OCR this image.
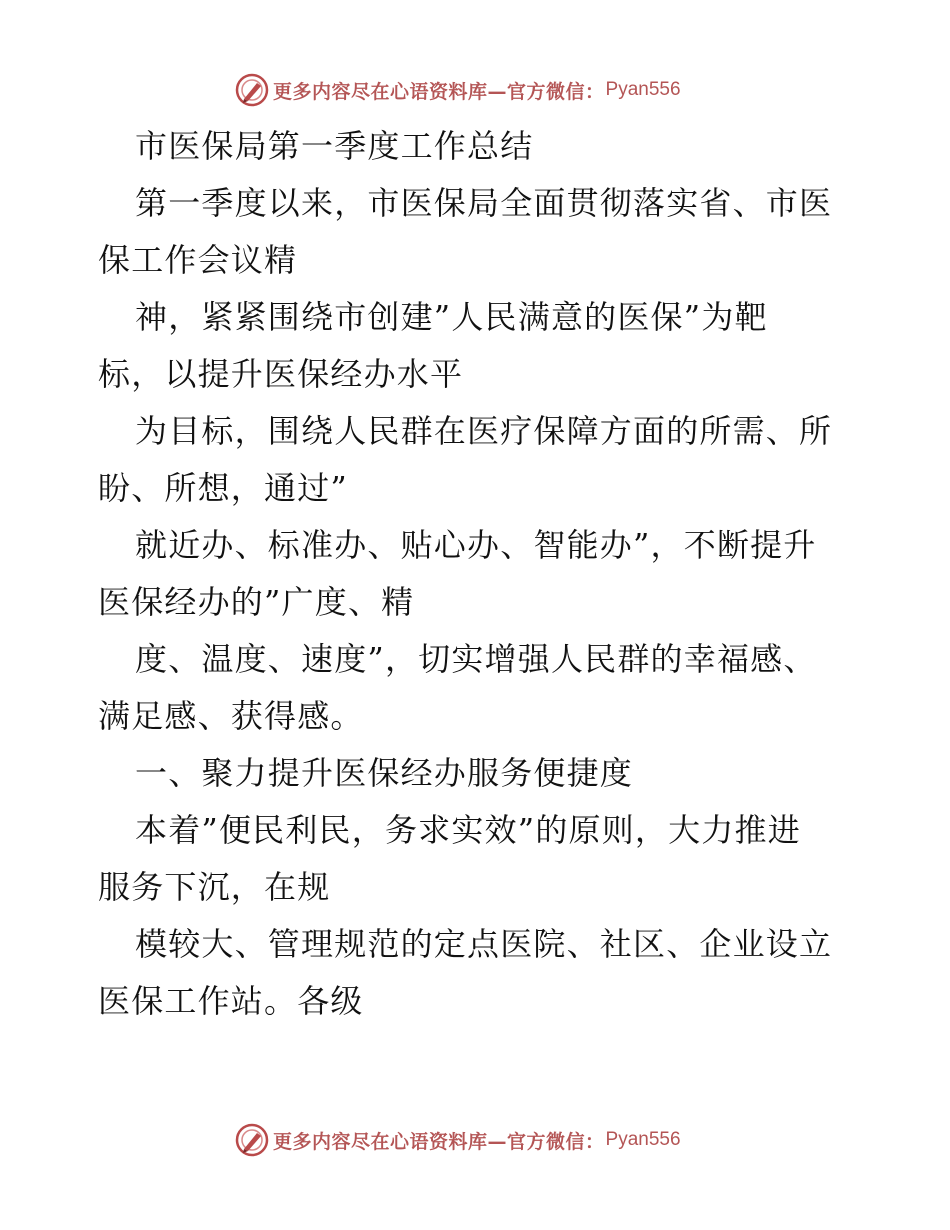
更多内容尽在心语资料库—官方微信： Pyan556
市医保局第一季度工作总结
第一季度以来，市医保局全面贯彻落实省、市医
保工作会议精
神，紧紧围绕市创建”人民满意的医保”为靶
标，以提升医保经办水平
为目标，围绕人民群在医疗保障方面的所需、所
盼、所想，通过”
就近办、标准办、贴心办、智能办”，不断提升
医保经办的”广度、精
度、温度、速度”，切实增强人民群的幸福感、
满足感、获得感。
一、聚力提升医保经办服务便捷度
本着”便民利民，务求实效”的原则，大力推进
服务下沉，在规
模较大、管理规范的定点医院、社区、企业设立
医保工作站。各级
更多内容尽在心语资料库—官方微信： Pyan556
